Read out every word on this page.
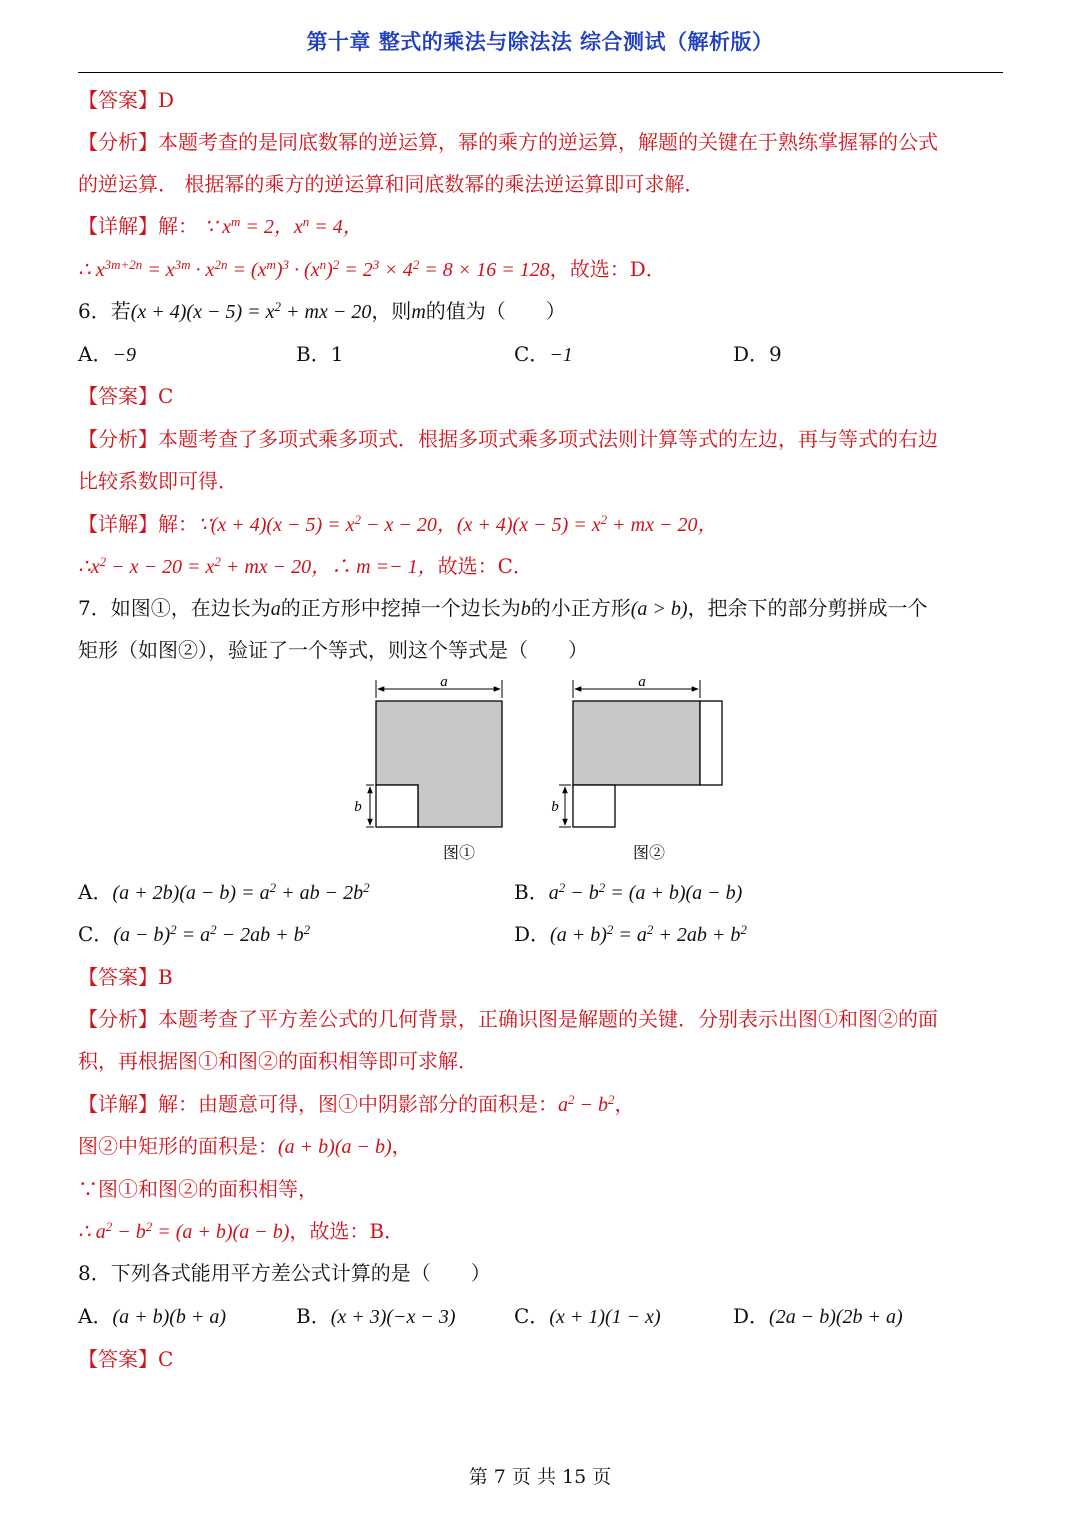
第十章 整式的乘法与除法法 综合测试（解析版）
【答案】D
【分析】本题考查的是同底数幂的逆运算，幂的乘方的逆运算，解题的关键在于熟练掌握幂的公式
的逆运算． 根据幂的乘方的逆运算和同底数幂的乘法逆运算即可求解．
【详解】解： ∵ $x^m = 2$，$x^n = 4$，
∴ $x^{3m+2n} = x^{3m} \cdot x^{2n} = (x^m)^3 \cdot (x^n)^2 = 2^3 \times 4^2 = 8 \times 16 = 128$，故选：D．
6．若$(x + 4)(x - 5) = x^2$ + mx − 20，则m的值为（　　）
A．−9	B．1	C．−1	D．9
【答案】C
【分析】本题考查了多项式乘多项式．根据多项式乘多项式法则计算等式的左边，再与等式的右边
比较系数即可得．
【详解】解：∵(x + $4)(x - 5) = x^2 - x - 20$，$(x + 4)(x - 5) = x^2$ + mx − 20，
$\therefore x^2 - x - 20 = x^2$ + mx − 20，∴ m =− 1，故选：C．
7．如图①，在边长为a的正方形中挖掉一个边长为b的小正方形(a > b)，把余下的部分剪拼成一个
矩形（如图②），验证了一个等式，则这个等式是（　　）
a
b
图①
a
b
图②
A．$(a + 2b)(a - b) = a^2$ + ab − $2b^2$	B．$a^2 - b^2 = (a + b)(a - b)$
C．$(a - b)^2 = a^2 - 2ab + b^2$	D．$(a + b)^2 = a^2 + 2ab + b^2$
【答案】B
【分析】本题考查了平方差公式的几何背景，正确识图是解题的关键．分别表示出图①和图②的面
积，再根据图①和图②的面积相等即可求解．
【详解】解：由题意可得，图①中阴影部分的面积是：$a^2 - b^2$，
图②中矩形的面积是：(a + b)(a − b)，
∵图①和图②的面积相等，
∴ $a^2 - b^2 = (a + b)(a - b)$，故选：B．
8．下列各式能用平方差公式计算的是（　　）
A．(a + b)(b + a)	B．(x + 3)(−x − 3)	C．(x + 1)(1 − x)	D．(2a − b)(2b + a)
【答案】C
第 7 页 共 15 页
